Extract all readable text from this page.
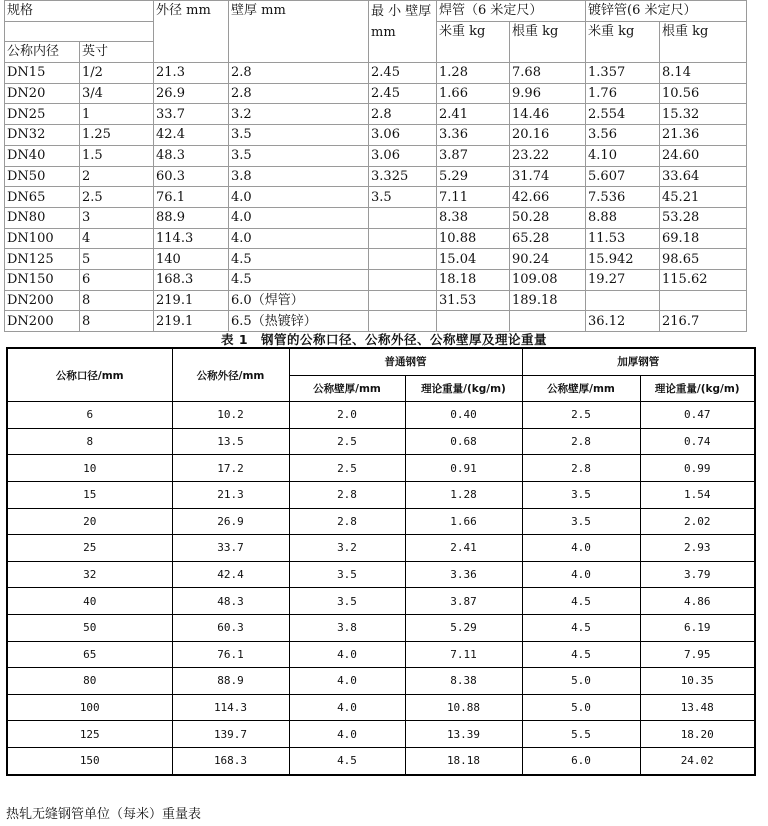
规格		外径 mm	壁厚 mm	最 小 壁厚 mm	焊管（6 米定尺）		镀锌管(6 米定尺）	
					米重 kg	根重 kg	米重 kg	根重 kg
公称内径	英寸							
DN15	1/2	21.3	2.8	2.45	1.28	7.68	1.357	8.14
DN20	3/4	26.9	2.8	2.45	1.66	9.96	1.76	10.56
DN25	1	33.7	3.2	2.8	2.41	14.46	2.554	15.32
DN32	1.25	42.4	3.5	3.06	3.36	20.16	3.56	21.36
DN40	1.5	48.3	3.5	3.06	3.87	23.22	4.10	24.60
DN50	2	60.3	3.8	3.325	5.29	31.74	5.607	33.64
DN65	2.5	76.1	4.0	3.5	7.11	42.66	7.536	45.21
DN80	3	88.9	4.0		8.38	50.28	8.88	53.28
DN100	4	114.3	4.0		10.88	65.28	11.53	69.18
DN125	5	140	4.5		15.04	90.24	15.942	98.65
DN150	6	168.3	4.5		18.18	109.08	19.27	115.62
DN200	8	219.1	6.0（焊管）		31.53	189.18		
DN200	8	219.1	6.5（热镀锌）				36.12	216.7
表 1　钢管的公称口径、公称外径、公称壁厚及理论重量
公称口径/mm	公称外径/mm	普通钢管		加厚钢管	
		公称壁厚/mm	理论重量/(kg/m)	公称壁厚/mm	理论重量/(kg/m)
6	10.2	2.0	0.40	2.5	0.47
8	13.5	2.5	0.68	2.8	0.74
10	17.2	2.5	0.91	2.8	0.99
15	21.3	2.8	1.28	3.5	1.54
20	26.9	2.8	1.66	3.5	2.02
25	33.7	3.2	2.41	4.0	2.93
32	42.4	3.5	3.36	4.0	3.79
40	48.3	3.5	3.87	4.5	4.86
50	60.3	3.8	5.29	4.5	6.19
65	76.1	4.0	7.11	4.5	7.95
80	88.9	4.0	8.38	5.0	10.35
100	114.3	4.0	10.88	5.0	13.48
125	139.7	4.0	13.39	5.5	18.20
150	168.3	4.5	18.18	6.0	24.02
热轧无缝钢管单位（每米）重量表
